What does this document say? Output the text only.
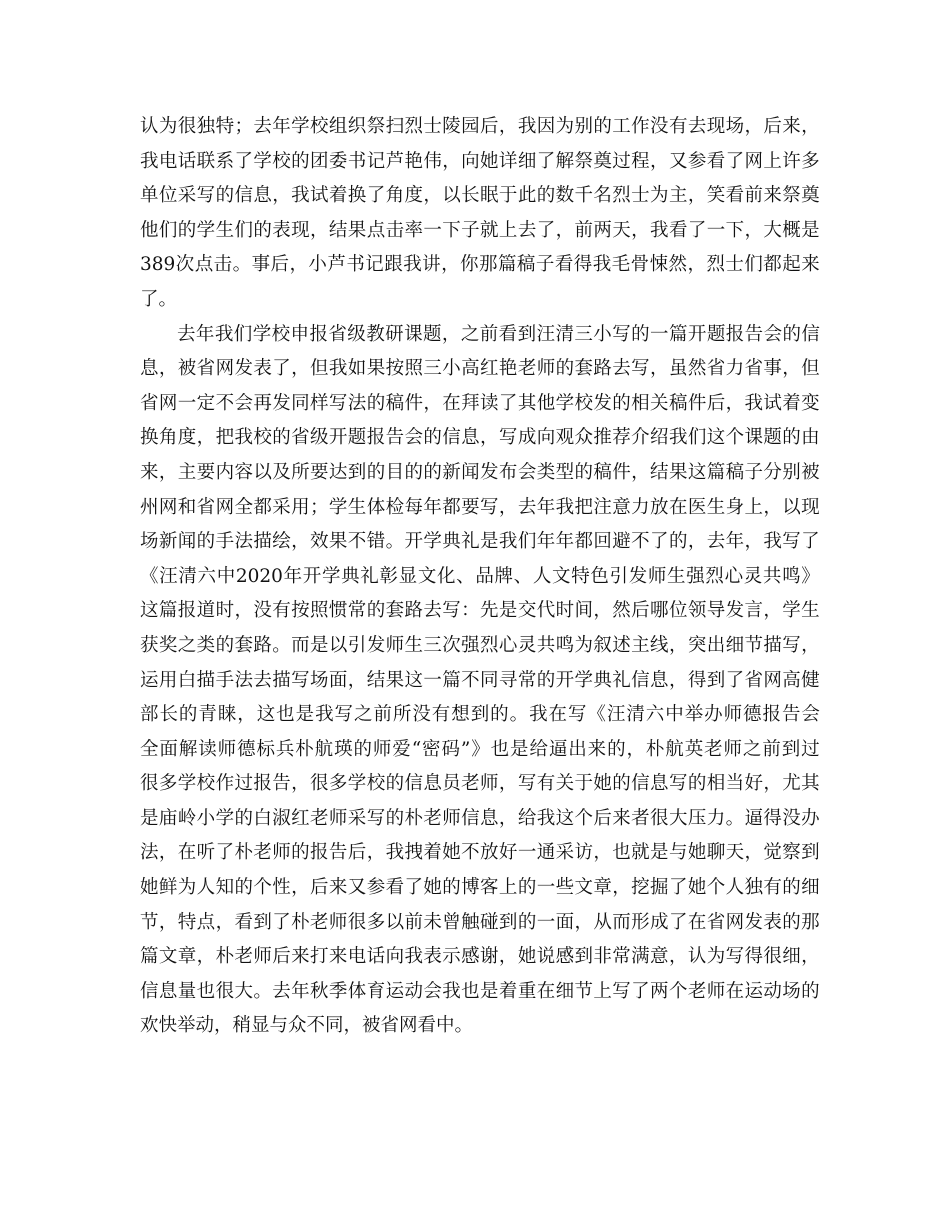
认 为 很 独 特 ； 去 年 学 校 组 织 祭 扫 烈 士 陵 园 后 ， 我 因 为 别 的 工 作 没 有 去 现 场 ， 后 来 ，
我 电 话 联 系 了 学 校 的 团 委 书 记 芦 艳 伟 ， 向 她 详 细 了 解 祭 奠 过 程 ， 又 参 看 了 网 上 许 多
单 位 采 写 的 信 息 ， 我 试 着 换 了 角 度 ， 以 长 眠 于 此 的 数 千 名 烈 士 为 主 ， 笑 看 前 来 祭 奠
他 们 的 学 生 们 的 表 现 ， 结 果 点 击 率 一 下 子 就 上 去 了 ， 前 两 天 ， 我 看 了 一 下 ， 大 概 是
389 次 点 击 。 事 后 ， 小 芦 书 记 跟 我 讲 ， 你 那 篇 稿 子 看 得 我 毛 骨 悚 然 ， 烈 士 们 都 起 来
了。
去 年 我 们 学 校 申 报 省 级 教 研 课 题 ， 之 前 看 到 汪 清 三 小 写 的 一 篇 开 题 报 告 会 的 信
息 ， 被 省 网 发 表 了 ， 但 我 如 果 按 照 三 小 高 红 艳 老 师 的 套 路 去 写 ， 虽 然 省 力 省 事 ， 但
省 网 一 定 不 会 再 发 同 样 写 法 的 稿 件 ， 在 拜 读 了 其 他 学 校 发 的 相 关 稿 件 后 ， 我 试 着 变
换 角 度 ， 把 我 校 的 省 级 开 题 报 告 会 的 信 息 ， 写 成 向 观 众 推 荐 介 绍 我 们 这 个 课 题 的 由
来 ， 主 要 内 容 以 及 所 要 达 到 的 目 的 的 新 闻 发 布 会 类 型 的 稿 件 ， 结 果 这 篇 稿 子 分 别 被
州 网 和 省 网 全 都 采 用 ； 学 生 体 检 每 年 都 要 写 ， 去 年 我 把 注 意 力 放 在 医 生 身 上 ， 以 现
场 新 闻 的 手 法 描 绘 ， 效 果 不 错 。 开 学 典 礼 是 我 们 年 年 都 回 避 不 了 的 ， 去 年 ， 我 写 了
《 汪 清 六 中 2020 年 开 学 典 礼 彰 显 文 化 、 品 牌 、 人 文 特 色 引 发 师 生 强 烈 心 灵 共 鸣 》
这 篇 报 道 时 ， 没 有 按 照 惯 常 的 套 路 去 写 ： 先 是 交 代 时 间 ， 然 后 哪 位 领 导 发 言 ， 学 生
获 奖 之 类 的 套 路 。 而 是 以 引 发 师 生 三 次 强 烈 心 灵 共 鸣 为 叙 述 主 线 ， 突 出 细 节 描 写 ，
运 用 白 描 手 法 去 描 写 场 面 ， 结 果 这 一 篇 不 同 寻 常 的 开 学 典 礼 信 息 ， 得 到 了 省 网 高 健
部 长 的 青 睐 ， 这 也 是 我 写 之 前 所 没 有 想 到 的 。 我 在 写 《 汪 清 六 中 举 办 师 德 报 告 会
全 面 解 读 师 德 标 兵 朴 航 瑛 的 师 爱 “ 密 码 ” 》 也 是 给 逼 出 来 的 ， 朴 航 英 老 师 之 前 到 过
很 多 学 校 作 过 报 告 ， 很 多 学 校 的 信 息 员 老 师 ， 写 有 关 于 她 的 信 息 写 的 相 当 好 ， 尤 其
是 庙 岭 小 学 的 白 淑 红 老 师 采 写 的 朴 老 师 信 息 ， 给 我 这 个 后 来 者 很 大 压 力 。 逼 得 没 办
法 ， 在 听 了 朴 老 师 的 报 告 后 ， 我 拽 着 她 不 放 好 一 通 采 访 ， 也 就 是 与 她 聊 天 ， 觉 察 到
她 鲜 为 人 知 的 个 性 ， 后 来 又 参 看 了 她 的 博 客 上 的 一 些 文 章 ， 挖 掘 了 她 个 人 独 有 的 细
节 ， 特 点 ， 看 到 了 朴 老 师 很 多 以 前 未 曾 触 碰 到 的 一 面 ， 从 而 形 成 了 在 省 网 发 表 的 那
篇 文 章 ， 朴 老 师 后 来 打 来 电 话 向 我 表 示 感 谢 ， 她 说 感 到 非 常 满 意 ， 认 为 写 得 很 细 ，
信 息 量 也 很 大 。 去 年 秋 季 体 育 运 动 会 我 也 是 着 重 在 细 节 上 写 了 两 个 老 师 在 运 动 场 的
欢快举动，稍显与众不同，被省网看中。
